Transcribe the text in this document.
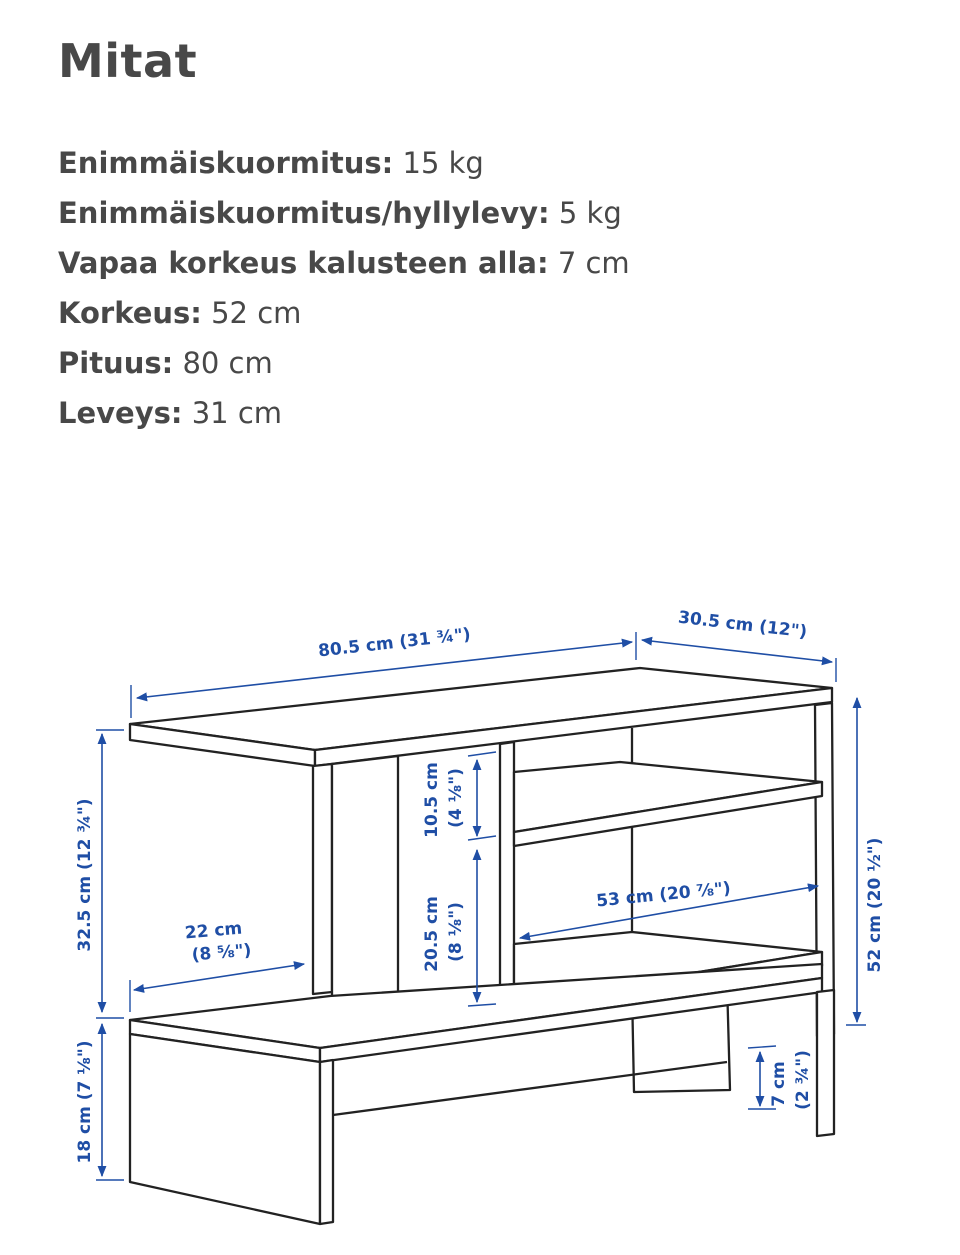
Mitat
Enimmäiskuormitus: 15 kg
Enimmäiskuormitus/hyllylevy: 5 kg
Vapaa korkeus kalusteen alla: 7 cm
Korkeus: 52 cm
Pituus: 80 cm
Leveys: 31 cm
80.5 cm (31 ¾")	30.5 cm (12")
52 cm (20 ½")
32.5 cm (12 ¾")
18 cm (7 ⅛")
22 cm
(8 ⅝")
10.5 cm (4 ⅛")
20.5 cm (8 ⅛")
53 cm (20 ⅞")
7 cm (2 ¾")
